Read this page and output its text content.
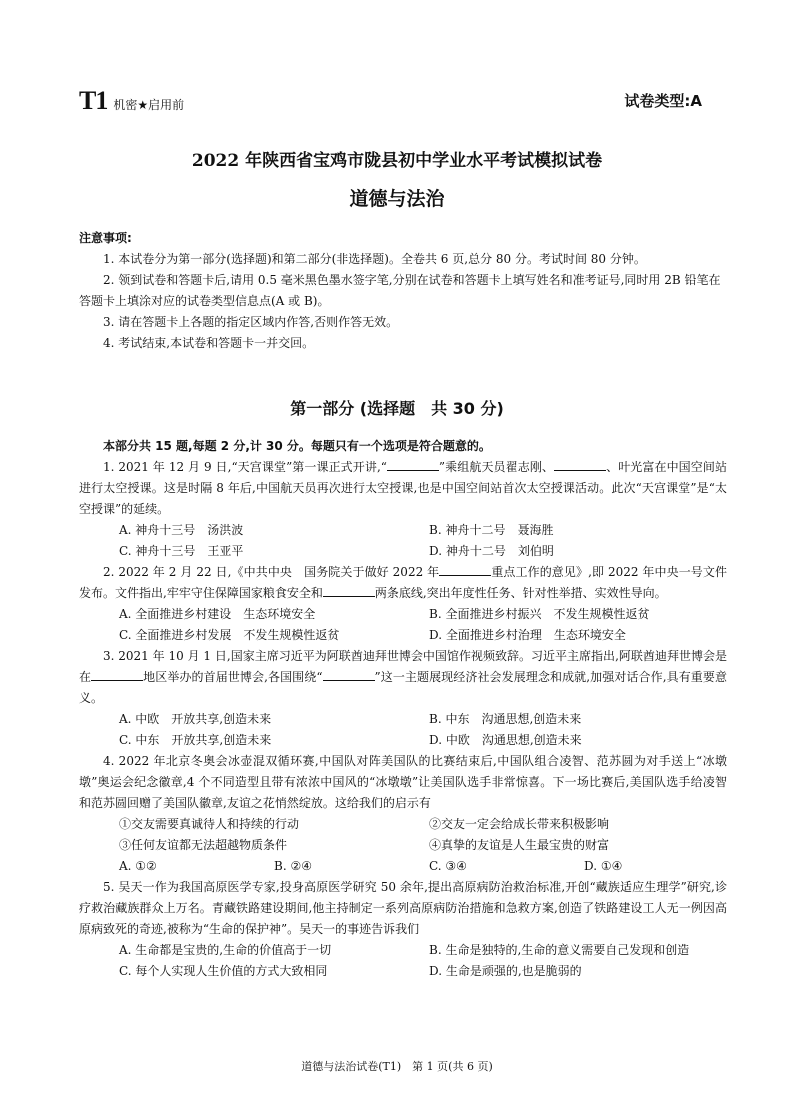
T1 机密★启用前	试卷类型:A
2022 年陕西省宝鸡市陇县初中学业水平考试模拟试卷
道德与法治
注意事项:
1. 本试卷分为第一部分(选择题)和第二部分(非选择题)。全卷共 6 页,总分 80 分。考试时间 80 分钟。
2. 领到试卷和答题卡后,请用 0.5 毫米黑色墨水签字笔,分别在试卷和答题卡上填写姓名和准考证号,同时用 2B 铅笔在答题卡上填涂对应的试卷类型信息点(A 或 B)。
3. 请在答题卡上各题的指定区域内作答,否则作答无效。
4. 考试结束,本试卷和答题卡一并交回。
第一部分 (选择题　共 30 分)
本部分共 15 题,每题 2 分,计 30 分。每题只有一个选项是符合题意的。
1. 2021 年 12 月 9 日,“天宫课堂”第一课正式开讲,“	”乘组航天员翟志刚、	、叶光富在中国空间站进行太空授课。这是时隔 8 年后,中国航天员再次进行太空授课,也是中国空间站首次太空授课活动。此次“天宫课堂”是“太空授课”的延续。
A. 神舟十三号　汤洪波	B. 神舟十二号　聂海胜
C. 神舟十三号　王亚平	D. 神舟十二号　刘伯明
2. 2022 年 2 月 22 日,《中共中央　国务院关于做好 2022 年	重点工作的意见》,即 2022 年中央一号文件发布。文件指出,牢牢守住保障国家粮食安全和	两条底线,突出年度性任务、针对性举措、实效性导向。
A. 全面推进乡村建设　生态环境安全	B. 全面推进乡村振兴　不发生规模性返贫
C. 全面推进乡村发展　不发生规模性返贫	D. 全面推进乡村治理　生态环境安全
3. 2021 年 10 月 1 日,国家主席习近平为阿联酋迪拜世博会中国馆作视频致辞。习近平主席指出,阿联酋迪拜世博会是在	地区举办的首届世博会,各国围绕“	”这一主题展现经济社会发展理念和成就,加强对话合作,具有重要意义。
A. 中欧　开放共享,创造未来	B. 中东　沟通思想,创造未来
C. 中东　开放共享,创造未来	D. 中欧　沟通思想,创造未来
4. 2022 年北京冬奥会冰壶混双循环赛,中国队对阵美国队的比赛结束后,中国队组合凌智、范苏圆为对手送上“冰墩墩”奥运会纪念徽章,4 个不同造型且带有浓浓中国风的“冰墩墩”让美国队选手非常惊喜。下一场比赛后,美国队选手给凌智和范苏圆回赠了美国队徽章,友谊之花悄然绽放。这给我们的启示有
①交友需要真诚待人和持续的行动	②交友一定会给成长带来积极影响
③任何友谊都无法超越物质条件	④真挚的友谊是人生最宝贵的财富
A. ①②	B. ②④	C. ③④	D. ①④
5. 吴天一作为我国高原医学专家,投身高原医学研究 50 余年,提出高原病防治救治标准,开创“藏族适应生理学”研究,诊疗救治藏族群众上万名。青藏铁路建设期间,他主持制定一系列高原病防治措施和急救方案,创造了铁路建设工人无一例因高原病致死的奇迹,被称为“生命的保护神”。吴天一的事迹告诉我们
A. 生命都是宝贵的,生命的价值高于一切	B. 生命是独特的,生命的意义需要自己发现和创造
C. 每个人实现人生价值的方式大致相同	D. 生命是顽强的,也是脆弱的
道德与法治试卷(T1)　第 1 页(共 6 页)
